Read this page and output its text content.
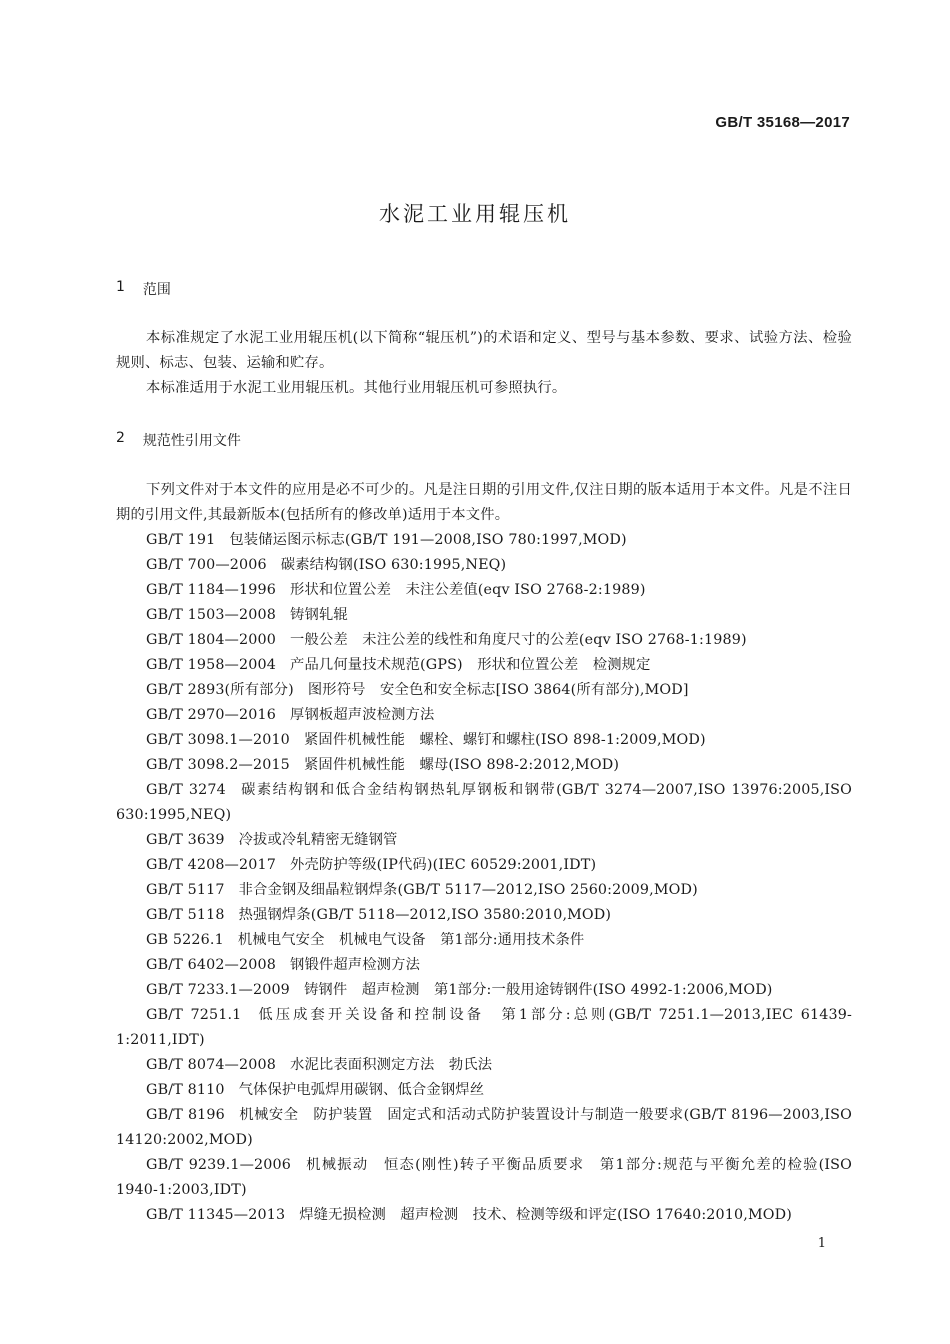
GB/T 35168—2017
水泥工业用辊压机
1 范围

本标准规定了水泥工业用辊压机(以下简称“辊压机”)的术语和定义、型号与基本参数、要求、试验方法、检验规则、标志、包装、运输和贮存。

本标准适用于水泥工业用辊压机。其他行业用辊压机可参照执行。

2 规范性引用文件

下列文件对于本文件的应用是必不可少的。凡是注日期的引用文件,仅注日期的版本适用于本文件。凡是不注日期的引用文件,其最新版本(包括所有的修改单)适用于本文件。

GB/T 191 包装储运图示标志(GB/T 191—2008,ISO 780:1997,MOD)

GB/T 700—2006 碳素结构钢(ISO 630:1995,NEQ)

GB/T 1184—1996 形状和位置公差　未注公差值(eqv ISO 2768-2:1989)

GB/T 1503—2008 铸钢轧辊

GB/T 1804—2000 一般公差　未注公差的线性和角度尺寸的公差(eqv ISO 2768-1:1989)

GB/T 1958—2004 产品几何量技术规范(GPS)　形状和位置公差　检测规定

GB/T 2893(所有部分) 图形符号　安全色和安全标志[ISO 3864(所有部分),MOD]

GB/T 2970—2016 厚钢板超声波检测方法

GB/T 3098.1—2010 紧固件机械性能　螺栓、螺钉和螺柱(ISO 898-1:2009,MOD)

GB/T 3098.2—2015 紧固件机械性能　螺母(ISO 898-2:2012,MOD)

GB/T 3274 碳素结构钢和低合金结构钢热轧厚钢板和钢带(GB/T 3274—2007,ISO 13976:2005,ISO 630:1995,NEQ)

GB/T 3639 冷拔或冷轧精密无缝钢管

GB/T 4208—2017 外壳防护等级(IP代码)(IEC 60529:2001,IDT)

GB/T 5117 非合金钢及细晶粒钢焊条(GB/T 5117—2012,ISO 2560:2009,MOD)

GB/T 5118 热强钢焊条(GB/T 5118—2012,ISO 3580:2010,MOD)

GB 5226.1 机械电气安全　机械电气设备　第1部分:通用技术条件

GB/T 6402—2008 钢锻件超声检测方法

GB/T 7233.1—2009 铸钢件　超声检测　第1部分:一般用途铸钢件(ISO 4992-1:2006,MOD)

GB/T 7251.1 低压成套开关设备和控制设备　第1部分:总则(GB/T 7251.1—2013,IEC 61439-1:2011,IDT)

GB/T 8074—2008 水泥比表面积测定方法　勃氏法

GB/T 8110 气体保护电弧焊用碳钢、低合金钢焊丝

GB/T 8196 机械安全　防护装置　固定式和活动式防护装置设计与制造一般要求(GB/T 8196—2003,ISO 14120:2002,MOD)

GB/T 9239.1—2006 机械振动　恒态(刚性)转子平衡品质要求　第1部分:规范与平衡允差的检验(ISO 1940-1:2003,IDT)

GB/T 11345—2013 焊缝无损检测　超声检测　技术、检测等级和评定(ISO 17640:2010,MOD)

1
